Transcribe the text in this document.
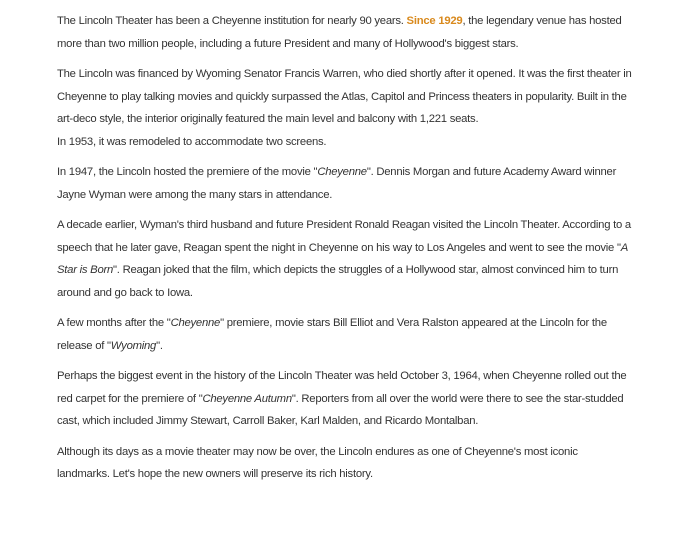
The Lincoln Theater has been a Cheyenne institution for nearly 90 years. Since 1929, the legendary venue has hosted more than two million people, including a future President and many of Hollywood's biggest stars.

The Lincoln was financed by Wyoming Senator Francis Warren, who died shortly after it opened. It was the first theater in Cheyenne to play talking movies and quickly surpassed the Atlas, Capitol and Princess theaters in popularity. Built in the art-deco style, the interior originally featured the main level and balcony with 1,221 seats.
In 1953, it was remodeled to accommodate two screens.

In 1947, the Lincoln hosted the premiere of the movie "Cheyenne". Dennis Morgan and future Academy Award winner Jayne Wyman were among the many stars in attendance.

A decade earlier, Wyman's third husband and future President Ronald Reagan visited the Lincoln Theater. According to a speech that he later gave, Reagan spent the night in Cheyenne on his way to Los Angeles and went to see the movie "A Star is Born". Reagan joked that the film, which depicts the struggles of a Hollywood star, almost convinced him to turn around and go back to Iowa.

A few months after the "Cheyenne" premiere, movie stars Bill Elliot and Vera Ralston appeared at the Lincoln for the release of "Wyoming".

Perhaps the biggest event in the history of the Lincoln Theater was held October 3, 1964, when Cheyenne rolled out the red carpet for the premiere of "Cheyenne Autumn". Reporters from all over the world were there to see the star-studded cast, which included Jimmy Stewart, Carroll Baker, Karl Malden, and Ricardo Montalban.

Although its days as a movie theater may now be over, the Lincoln endures as one of Cheyenne's most iconic landmarks. Let's hope the new owners will preserve its rich history.
